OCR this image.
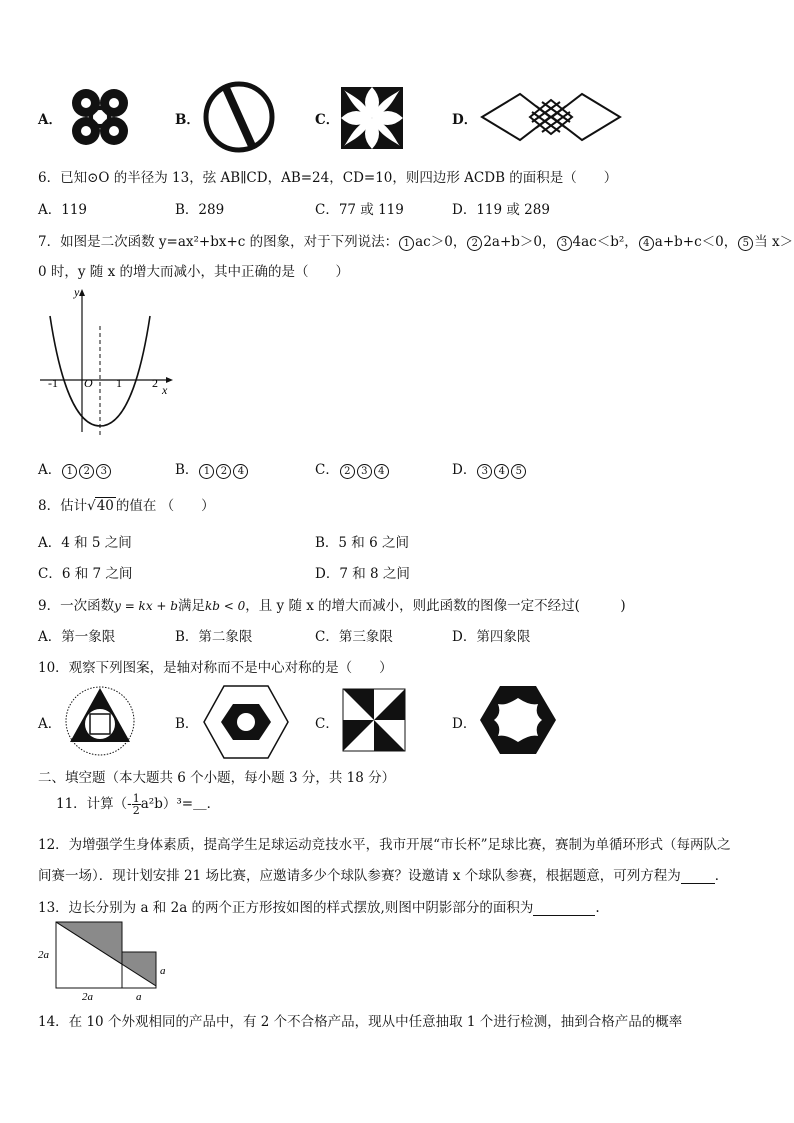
A．	B．	C．	D．
6．已知⊙O 的半径为 13，弦 AB∥CD，AB=24，CD=10，则四边形 ACDB 的面积是（　　）
A．119	B．289	C．77 或 119	D．119 或 289
7．如图是二次函数 y=ax²+bx+c 的图象，对于下列说法： 1 ac＞0， 2 2a+b＞0， 3 4ac＜b²， 4 a+b+c＜0， 5 当 x＞
0 时，y 随 x 的增大而减小，其中正确的是（　　）
y
x
O
-1	1	2
A． 1 2 3	B． 1 2 4	C． 2 3 4	D． 3 4 5
8．估计√40 的值在 （　　）
A．4 和 5 之间	B．5 和 6 之间
C．6 和 7 之间	D．7 和 8 之间
9．一次函数y = kx + b满足kb < 0，且 y 随 x 的增大而减小，则此函数的图像一定不经过(　　　)
A．第一象限	B．第二象限	C．第三象限	D．第四象限
10．观察下列图案，是轴对称而不是中心对称的是（　　）
A．	B．	C．	D．
二、填空题（本大题共 6 个小题，每小题 3 分，共 18 分）
11．计算（- $\frac{1}{2}$ a²b）³=＿．
12．为增强学生身体素质，提高学生足球运动竞技水平，我市开展“市长杯”足球比赛，赛制为单循环形式（每两队之
间赛一场）．现计划安排 21 场比赛，应邀请多少个球队参赛？设邀请 x 个球队参赛，根据题意，可列方程为	．
13．边长分别为 a 和 2a 的两个正方形按如图的样式摆放,则图中阴影部分的面积为	.
2a
2a	a
a
14．在 10 个外观相同的产品中，有 2 个不合格产品，现从中任意抽取 1 个进行检测，抽到合格产品的概率
